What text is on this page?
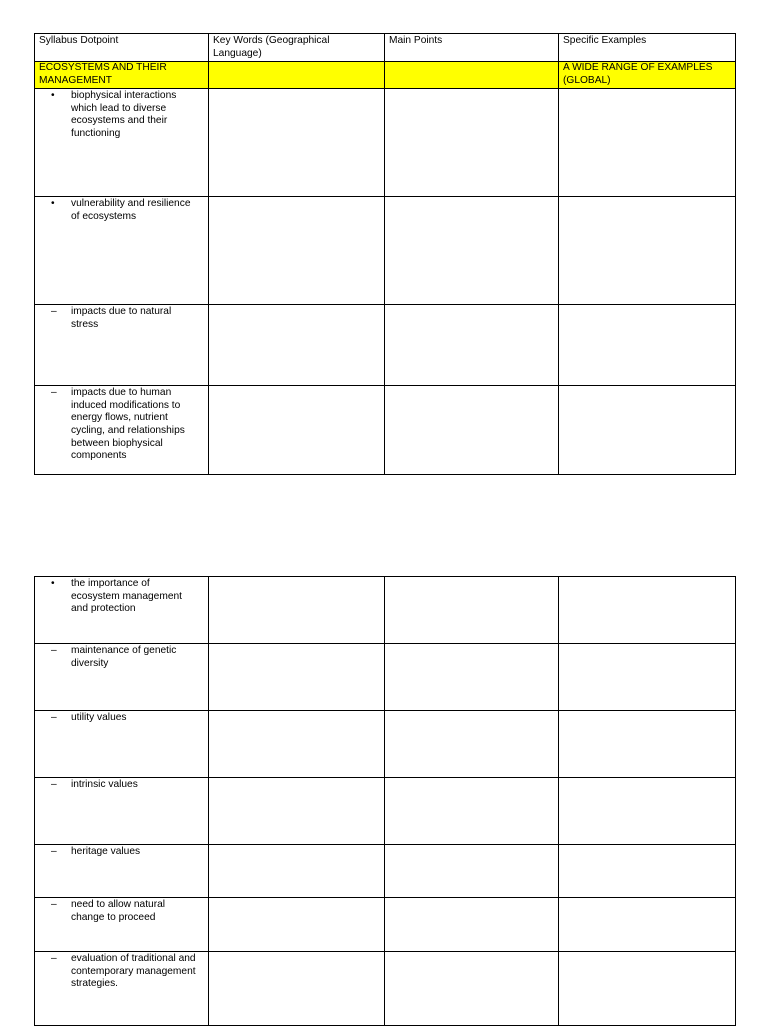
Syllabus Dotpoint	Key Words (Geographical Language)	Main Points	Specific Examples
ECOSYSTEMS AND THEIR MANAGEMENT			A WIDE RANGE OF EXAMPLES (GLOBAL)

• biophysical interactions which lead to diverse ecosystems and their functioning			

• vulnerability and resilience of ecosystems			

– impacts due to natural stress			

– impacts due to human induced modifications to energy flows, nutrient cycling, and relationships between biophysical components			

• the importance of ecosystem management and protection			

– maintenance of genetic diversity			

– utility values			

– intrinsic values			

– heritage values			

– need to allow natural change to proceed			

– evaluation of traditional and contemporary management strategies.			
